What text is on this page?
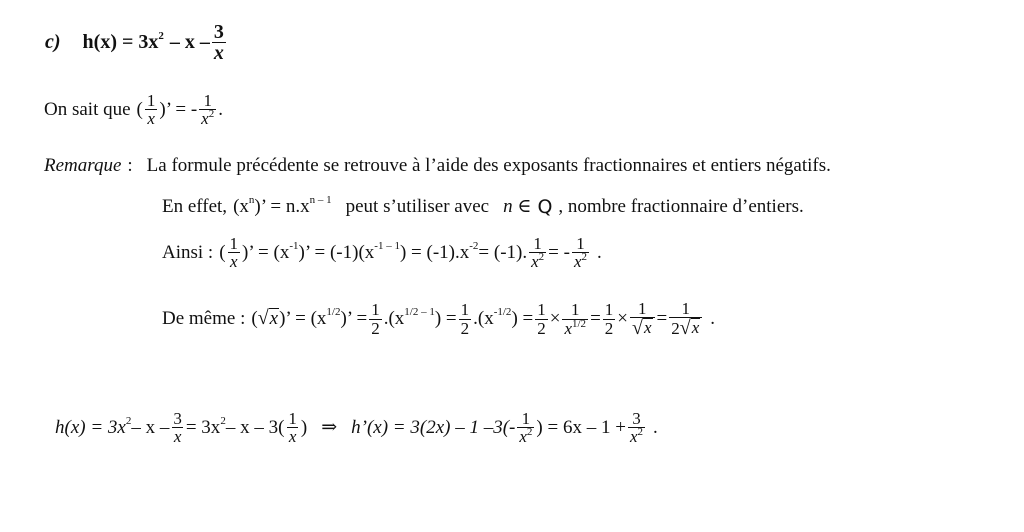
c) $h(x) = 3x^2 - x - \frac{3}{x}$
On sait que ( $\frac{1}{x}$ )’ = - $\frac{1}{x^2}$ .
Remarque : La formule précédente se retrouve à l’aide des exposants fractionnaires et entiers négatifs.
En effet, ($x^n$ )’ = $n.x^{n - 1}$ peut s’utiliser avec n ∈ Q , nombre fractionnaire d’entiers.
Ainsi : ( $\frac{1}{x}$ )’ = ($x^{-1}$ )’ = $(-1)(x^{-1 - 1}$ ) = $(-1).x^{-2} = (-1)$. $\frac{1}{x^2}$ = - $\frac{1}{x^2}$ .
De même : ( √ x )’ = ($x^{1/2}$ )’ = $\frac{1}{2} .(x^{1/2 - 1}$ ) = $\frac{1}{2} .(x^{-1/2}$ ) = $\frac{1}{2} \times \frac{1}{x^{1/2}} = \frac{1}{2} \times \frac{1}{√ x} = \frac{1}{2 √ x}$ .
$h(x) = 3x^2 - x - \frac{3}{x} = 3x^2 - x - 3( \frac{1}{x}$ ) ⇒ h’(x) = 3(2x) – 1 $-3(- \frac{1}{x^2}$ ) = $6x - 1 + \frac{3}{x^2}$ .
